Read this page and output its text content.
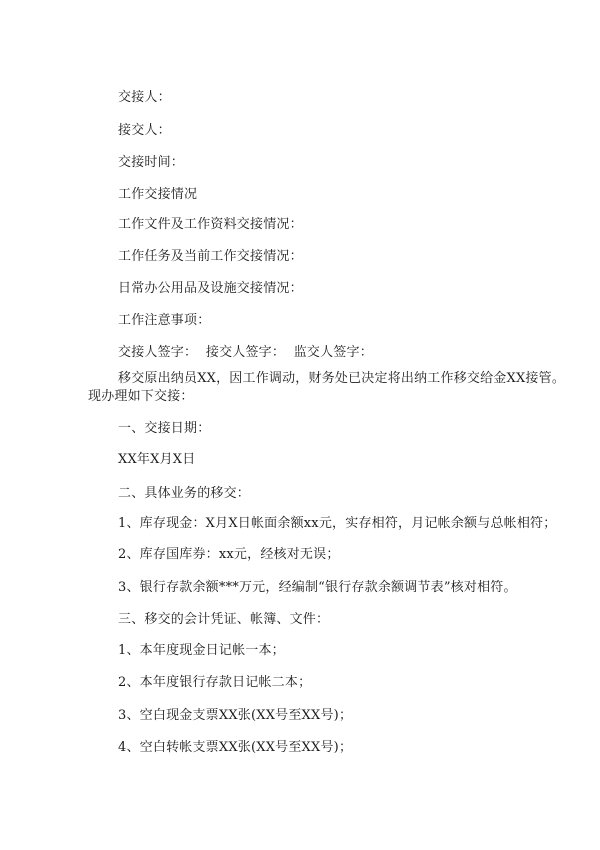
交接人：
接交人：
交接时间：
工作交接情况
工作文件及工作资料交接情况：
工作任务及当前工作交接情况：
日常办公用品及设施交接情况：
工作注意事项：
交接人签字：  接交人签字：  监交人签字：
移交原出纳员XX，因工作调动，财务处已决定将出纳工作移交给金XX接管。现办理如下交接：
一、交接日期：
XX年X月X日
二、具体业务的移交：
1、库存现金：X月X日帐面余额xx元，实存相符，月记帐余额与总帐相符；
2、库存国库券：xx元，经核对无误；
3、银行存款余额***万元，经编制“银行存款余额调节表”核对相符。
三、移交的会计凭证、帐簿、文件：
1、本年度现金日记帐一本；
2、本年度银行存款日记帐二本；
3、空白现金支票XX张(XX号至XX号)；
4、空白转帐支票XX张(XX号至XX号)；
